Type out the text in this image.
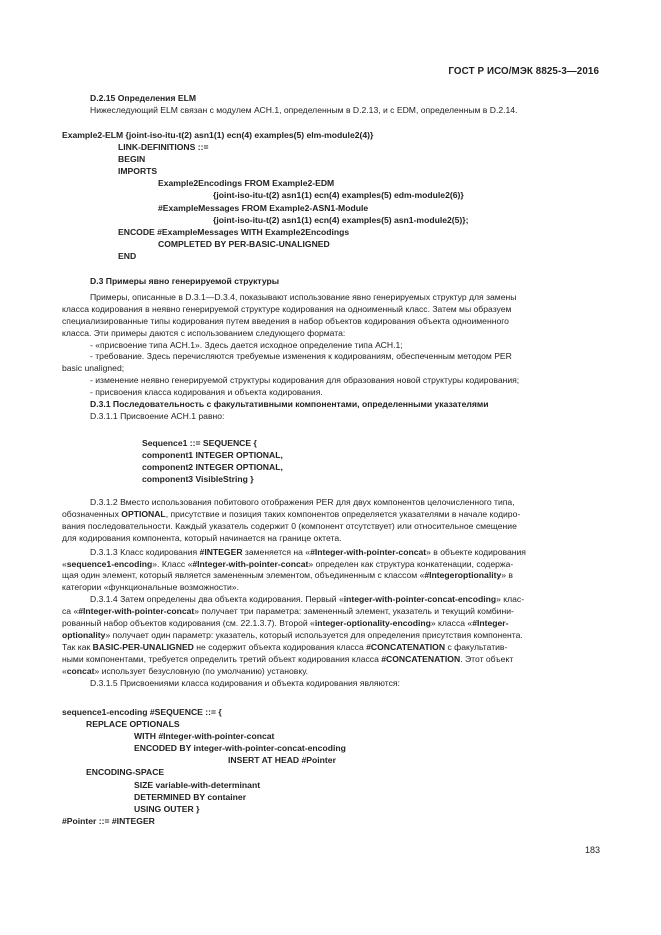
ГОСТ Р ИСО/МЭК 8825-3—2016
D.2.15 Определения ELM
Нижеследующий ELM связан с модулем АСН.1, определенным в D.2.13, и с EDM, определенным в D.2.14.
Example2-ELM {joint-iso-itu-t(2) asn1(1) ecn(4) examples(5) elm-module2(4)}
LINK-DEFINITIONS ::=
BEGIN
IMPORTS
Example2Encodings FROM Example2-EDM
{joint-iso-itu-t(2) asn1(1) ecn(4) examples(5) edm-module2(6)}
#ExampleMessages FROM Example2-ASN1-Module
{joint-iso-itu-t(2) asn1(1) ecn(4) examples(5) asn1-module2(5)};
ENCODE #ExampleMessages WITH Example2Encodings
COMPLETED BY PER-BASIC-UNALIGNED
END
D.3 Примеры явно генерируемой структуры
Примеры, описанные в D.3.1—D.3.4, показывают использование явно генерируемых структур для замены
класса кодирования в неявно генерируемой структуре кодирования на одноименный класс. Затем мы образуем
специализированные типы кодирования путем введения в набор объектов кодирования объекта одноименного
класса. Эти примеры даются с использованием следующего формата:
- «присвоение типа АСН.1». Здесь дается исходное определение типа АСН.1;
- требование. Здесь перечисляются требуемые изменения к кодированиям, обеспеченным методом PER
basic unaligned;
- изменение неявно генерируемой структуры кодирования для образования новой структуры кодирования;
- присвоения класса кодирования и объекта кодирования.
D.3.1 Последовательность с факультативными компонентами, определенными указателями
D.3.1.1 Присвоение АСН.1 равно:
Sequence1 ::= SEQUENCE {
component1 INTEGER OPTIONAL,
component2 INTEGER OPTIONAL,
component3 VisibleString }
D.3.1.2 Вместо использования побитового отображения PER для двух компонентов целочисленного типа,
обозначенных OPTIONAL, присутствие и позиция таких компонентов определяется указателями в начале кодиро-
вания последовательности. Каждый указатель содержит 0 (компонент отсутствует) или относительное смещение
для кодирования компонента, который начинается на границе октета.
D.3.1.3 Класс кодирования #INTEGER заменяется на «#Integer-with-pointer-concat» в объекте кодирования
«sequence1-encoding». Класс «#Integer-with-pointer-concat» определен как структура конкатенации, содержа-
щая один элемент, который является замененным элементом, объединенным с классом «#Integeroptionality» в
категории «функциональные возможности».
D.3.1.4 Затем определены два объекта кодирования. Первый «integer-with-pointer-concat-encoding» клас-
са «#Integer-with-pointer-concat» получает три параметра: замененный элемент, указатель и текущий комбини-
рованный набор объектов кодирования (см. 22.1.3.7). Второй «integer-optionality-encoding» класса «#Integer-
optionality» получает один параметр: указатель, который используется для определения присутствия компонента.
Так как BASIC-PER-UNALIGNED не содержит объекта кодирования класса #CONCATENATION с факультатив-
ными компонентами, требуется определить третий объект кодирования класса #CONCATENATION. Этот объект
«concat» использует безусловную (по умолчанию) установку.
D.3.1.5 Присвоениями класса кодирования и объекта кодирования являются:
sequence1-encoding #SEQUENCE ::= {
REPLACE OPTIONALS
WITH #Integer-with-pointer-concat
ENCODED BY integer-with-pointer-concat-encoding
INSERT AT HEAD #Pointer
ENCODING-SPACE
SIZE variable-with-determinant
DETERMINED BY container
USING OUTER }
#Pointer ::= #INTEGER
183
